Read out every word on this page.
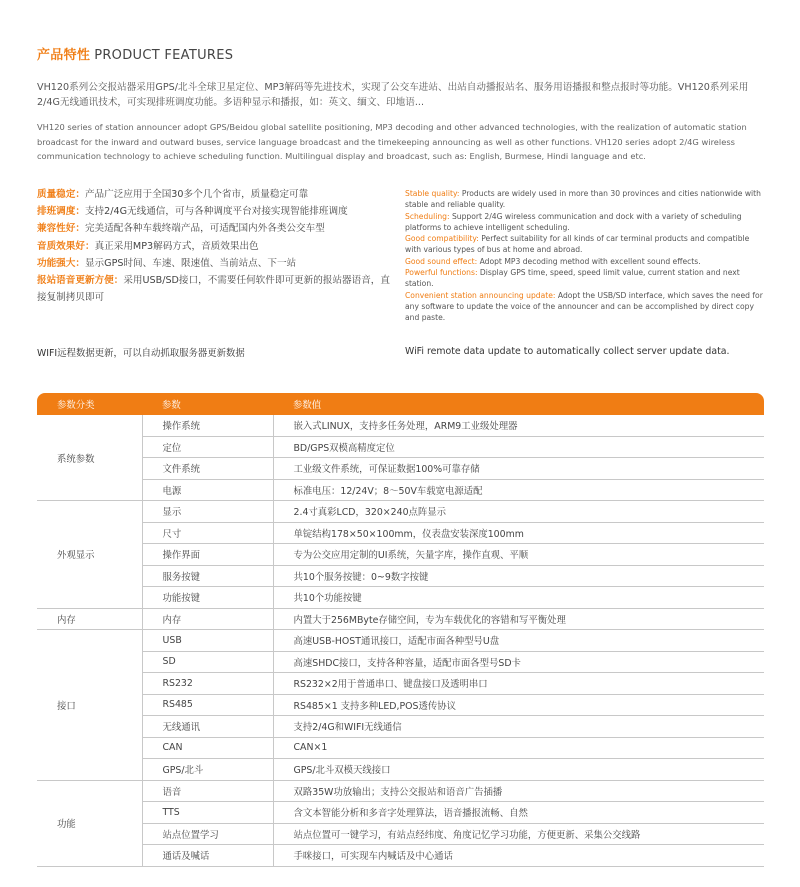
产品特性 PRODUCT FEATURES
VH120系列公交报站器采用GPS/北斗全球卫星定位、MP3解码等先进技术，实现了公交车进站、出站自动播报站名、服务用语播报和整点报时等功能。VH120系列采用2/4G无线通讯技术，可实现排班调度功能。多语种显示和播报，如：英文、缅文、印地语...
VH120 series of station announcer adopt GPS/Beidou global satellite positioning, MP3 decoding and other advanced technologies, with the realization of automatic station broadcast for the inward and outward buses, service language broadcast and the timekeeping announcing as well as other functions. VH120 series adopt 2/4G wireless communication technology to achieve scheduling function. Multilingual display and broadcast, such as: English, Burmese, Hindi language and etc.
质量稳定：产品广泛应用于全国30多个几个省市，质量稳定可靠
排班调度：支持2/4G无线通信，可与各种调度平台对接实现智能排班调度
兼容性好：完美适配各种车载终端产品，可适配国内外各类公交车型
音质效果好：真正采用MP3解码方式，音质效果出色
功能强大：显示GPS时间、车速、限速值、当前站点、下一站
报站语音更新方便：采用USB/SD接口，不需要任何软件即可更新的报站器语音，直接复制拷贝即可
Stable quality: Products are widely used in more than 30 provinces and cities nationwide with stable and reliable quality.
Scheduling: Support 2/4G wireless communication and dock with a variety of scheduling platforms to achieve intelligent scheduling.
Good compatibility: Perfect suitability for all kinds of car terminal products and compatible with various types of bus at home and abroad.
Good sound effect: Adopt MP3 decoding method with excellent sound effects.
Powerful functions: Display GPS time, speed, speed limit value, current station and next station.
Convenient station announcing update: Adopt the USB/SD interface, which saves the need for any software to update the voice of the announcer and can be accomplished by direct copy and paste.
WIFI远程数据更新，可以自动抓取服务器更新数据	WiFi remote data update to automatically collect server update data.
参数分类	参数	参数值
系统参数	操作系统	嵌入式LINUX，支持多任务处理，ARM9工业级处理器
	定位	BD/GPS双模高精度定位
	文件系统	工业级文件系统，可保证数据100%可靠存储
	电源	标准电压：12/24V；8～50V车载宽电源适配
外观显示	显示	2.4寸真彩LCD，320×240点阵显示
	尺寸	单锭结构178×50×100mm，仪表盘安装深度100mm
	操作界面	专为公交应用定制的UI系统，矢量字库，操作直观、平顺
	服务按键	共10个服务按键：0~9数字按键
	功能按键	共10个功能按键
内存	内存	内置大于256MByte存储空间，专为车载优化的容错和写平衡处理
接口	USB	高速USB-HOST通讯接口，适配市面各种型号U盘
	SD	高速SHDC接口，支持各种容量，适配市面各型号SD卡
	RS232	RS232×2用于普通串口、键盘接口及透明串口
	RS485	RS485×1 支持多种LED,POS透传协议
	无线通讯	支持2/4G和WIFI无线通信
	CAN	CAN×1
	GPS/北斗	GPS/北斗双模天线接口
功能	语音	双路35W功放输出；支持公交报站和语音广告插播
	TTS	含文本智能分析和多音字处理算法，语音播报流畅、自然
	站点位置学习	站点位置可一键学习，有站点经纬度、角度记忆学习功能，方便更新、采集公交线路
	通话及喊话	手咪接口，可实现车内喊话及中心通话
